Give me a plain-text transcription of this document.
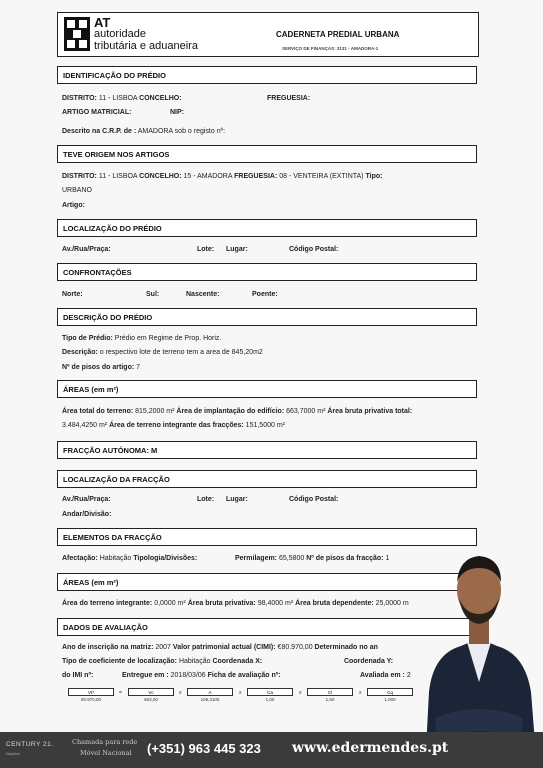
AT
autoridade
tributária e aduaneira
CADERNETA PREDIAL URBANA
SERVIÇO DE FINANÇAS: 3131 - AMADORA-1
IDENTIFICAÇÃO DO PRÉDIO
DISTRITO: 11 - LISBOA CONCELHO:	FREGUESIA:
ARTIGO MATRICIAL:	NIP:
Descrito na C.R.P. de : AMADORA sob o registo nº:
TEVE ORIGEM NOS ARTIGOS
DISTRITO: 11 - LISBOA CONCELHO: 15 - AMADORA FREGUESIA: 08 - VENTEIRA (EXTINTA) Tipo:
URBANO
Artigo:
LOCALIZAÇÃO DO PRÉDIO
Av./Rua/Praça:	Lote: Lugar:	Código Postal:
CONFRONTAÇÕES
Norte:	Sul:	Nascente:	Poente:
DESCRIÇÃO DO PRÉDIO
Tipo de Prédio: Prédio em Regime de Prop. Horiz.
Descrição: o respectivo lote de terreno tem a area de 845,20m2
Nº de pisos do artigo: 7
ÁREAS (em m²)
Área total do terreno: 815,2000 m² Área de implantação do edifício: 663,7000 m² Área bruta privativa total:
3.484,4250 m² Área de terreno integrante das fracções: 151,5000 m²
FRACÇÃO AUTÓNOMA: M
LOCALIZAÇÃO DA FRACÇÃO
Av./Rua/Praça:	Lote: Lugar:	Código Postal:
Andar/Divisão:
ELEMENTOS DA FRACÇÃO
Afectação: Habitação Tipologia/Divisões:	Permilagem: 65,5800 Nº de pisos da fracção: 1
ÁREAS (em m²)
Área do terreno integrante: 0,0000 m² Área bruta privativa: 98,4000 m² Área bruta dependente: 25,0000 m
DADOS DE AVALIAÇÃO
Ano de inscrição na matriz: 2007 Valor patrimonial actual (CIMI): €80.970,00 Determinado no an
Tipo de coeficiente de localização: Habitação Coordenada X:	Coordenada Y:
do IMI nº:	Entregue em : 2018/03/06 Ficha de avaliação nº:	Avaliada em : 2
Vt*
80.970,00
=	Vc
603,00
x	A
105,3100
x	Ca
1,00
x	Cl
1,50
x	Cq
1,000
CENTURY 21.
Nações
Chamada para rede
Móvel Nacional (+351) 963 445 323 www.edermendes.pt
